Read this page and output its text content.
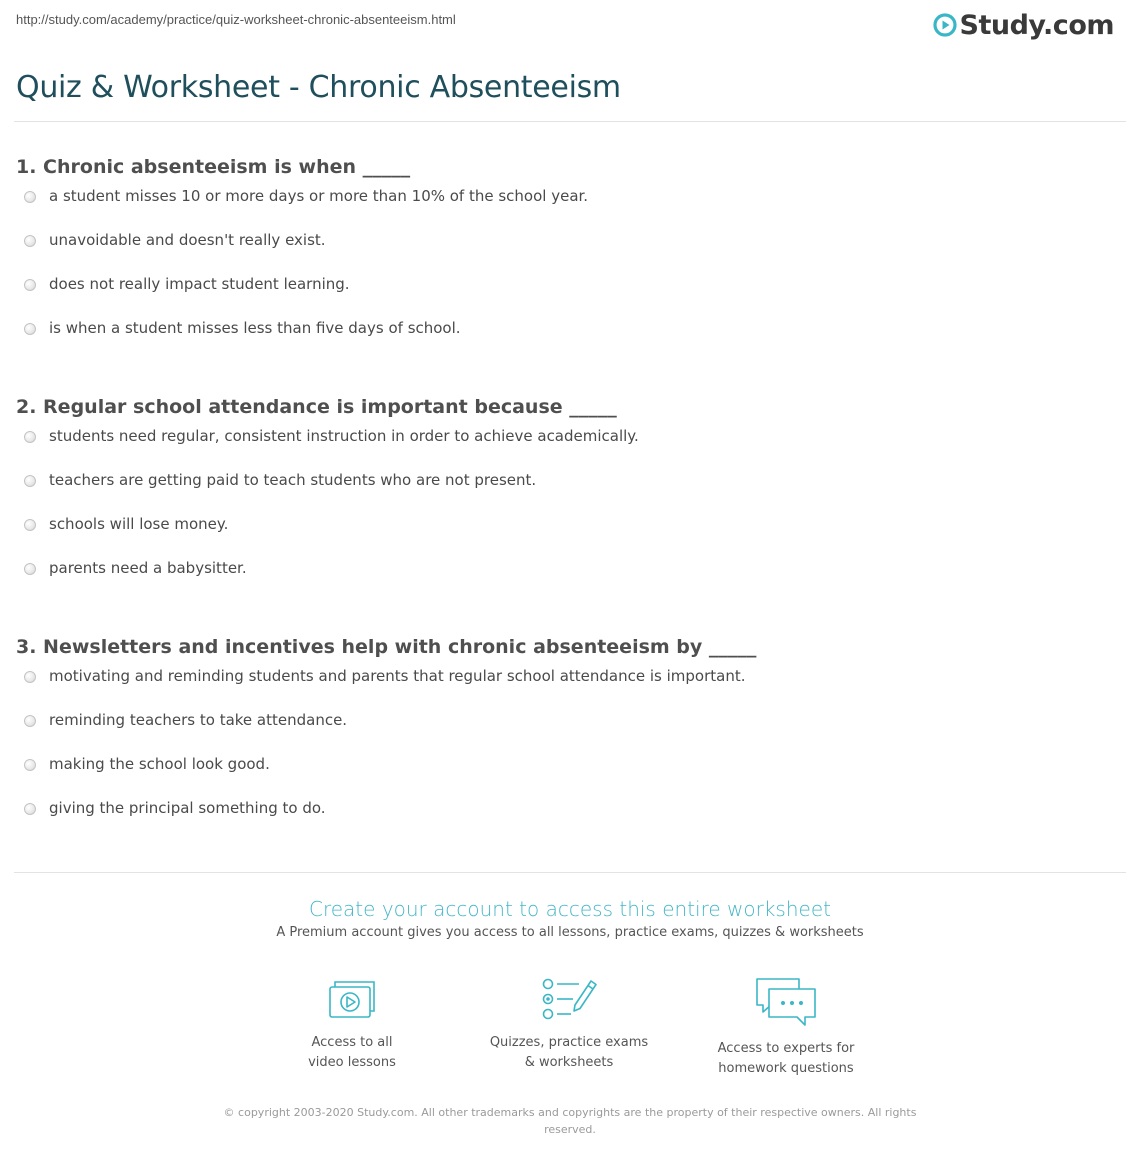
http://study.com/academy/practice/quiz-worksheet-chronic-absenteeism.html	Study.com
Quiz & Worksheet - Chronic Absenteeism
1. Chronic absenteeism is when _____
a student misses 10 or more days or more than 10% of the school year.
unavoidable and doesn't really exist.
does not really impact student learning.
is when a student misses less than five days of school.
2. Regular school attendance is important because _____
students need regular, consistent instruction in order to achieve academically.
teachers are getting paid to teach students who are not present.
schools will lose money.
parents need a babysitter.
3. Newsletters and incentives help with chronic absenteeism by _____
motivating and reminding students and parents that regular school attendance is important.
reminding teachers to take attendance.
making the school look good.
giving the principal something to do.
Create your account to access this entire worksheet
A Premium account gives you access to all lessons, practice exams, quizzes & worksheets
Access to all
video lessons
Quizzes, practice exams
& worksheets
Access to experts for
homework questions
© copyright 2003-2020 Study.com. All other trademarks and copyrights are the property of their respective owners. All rights reserved.
